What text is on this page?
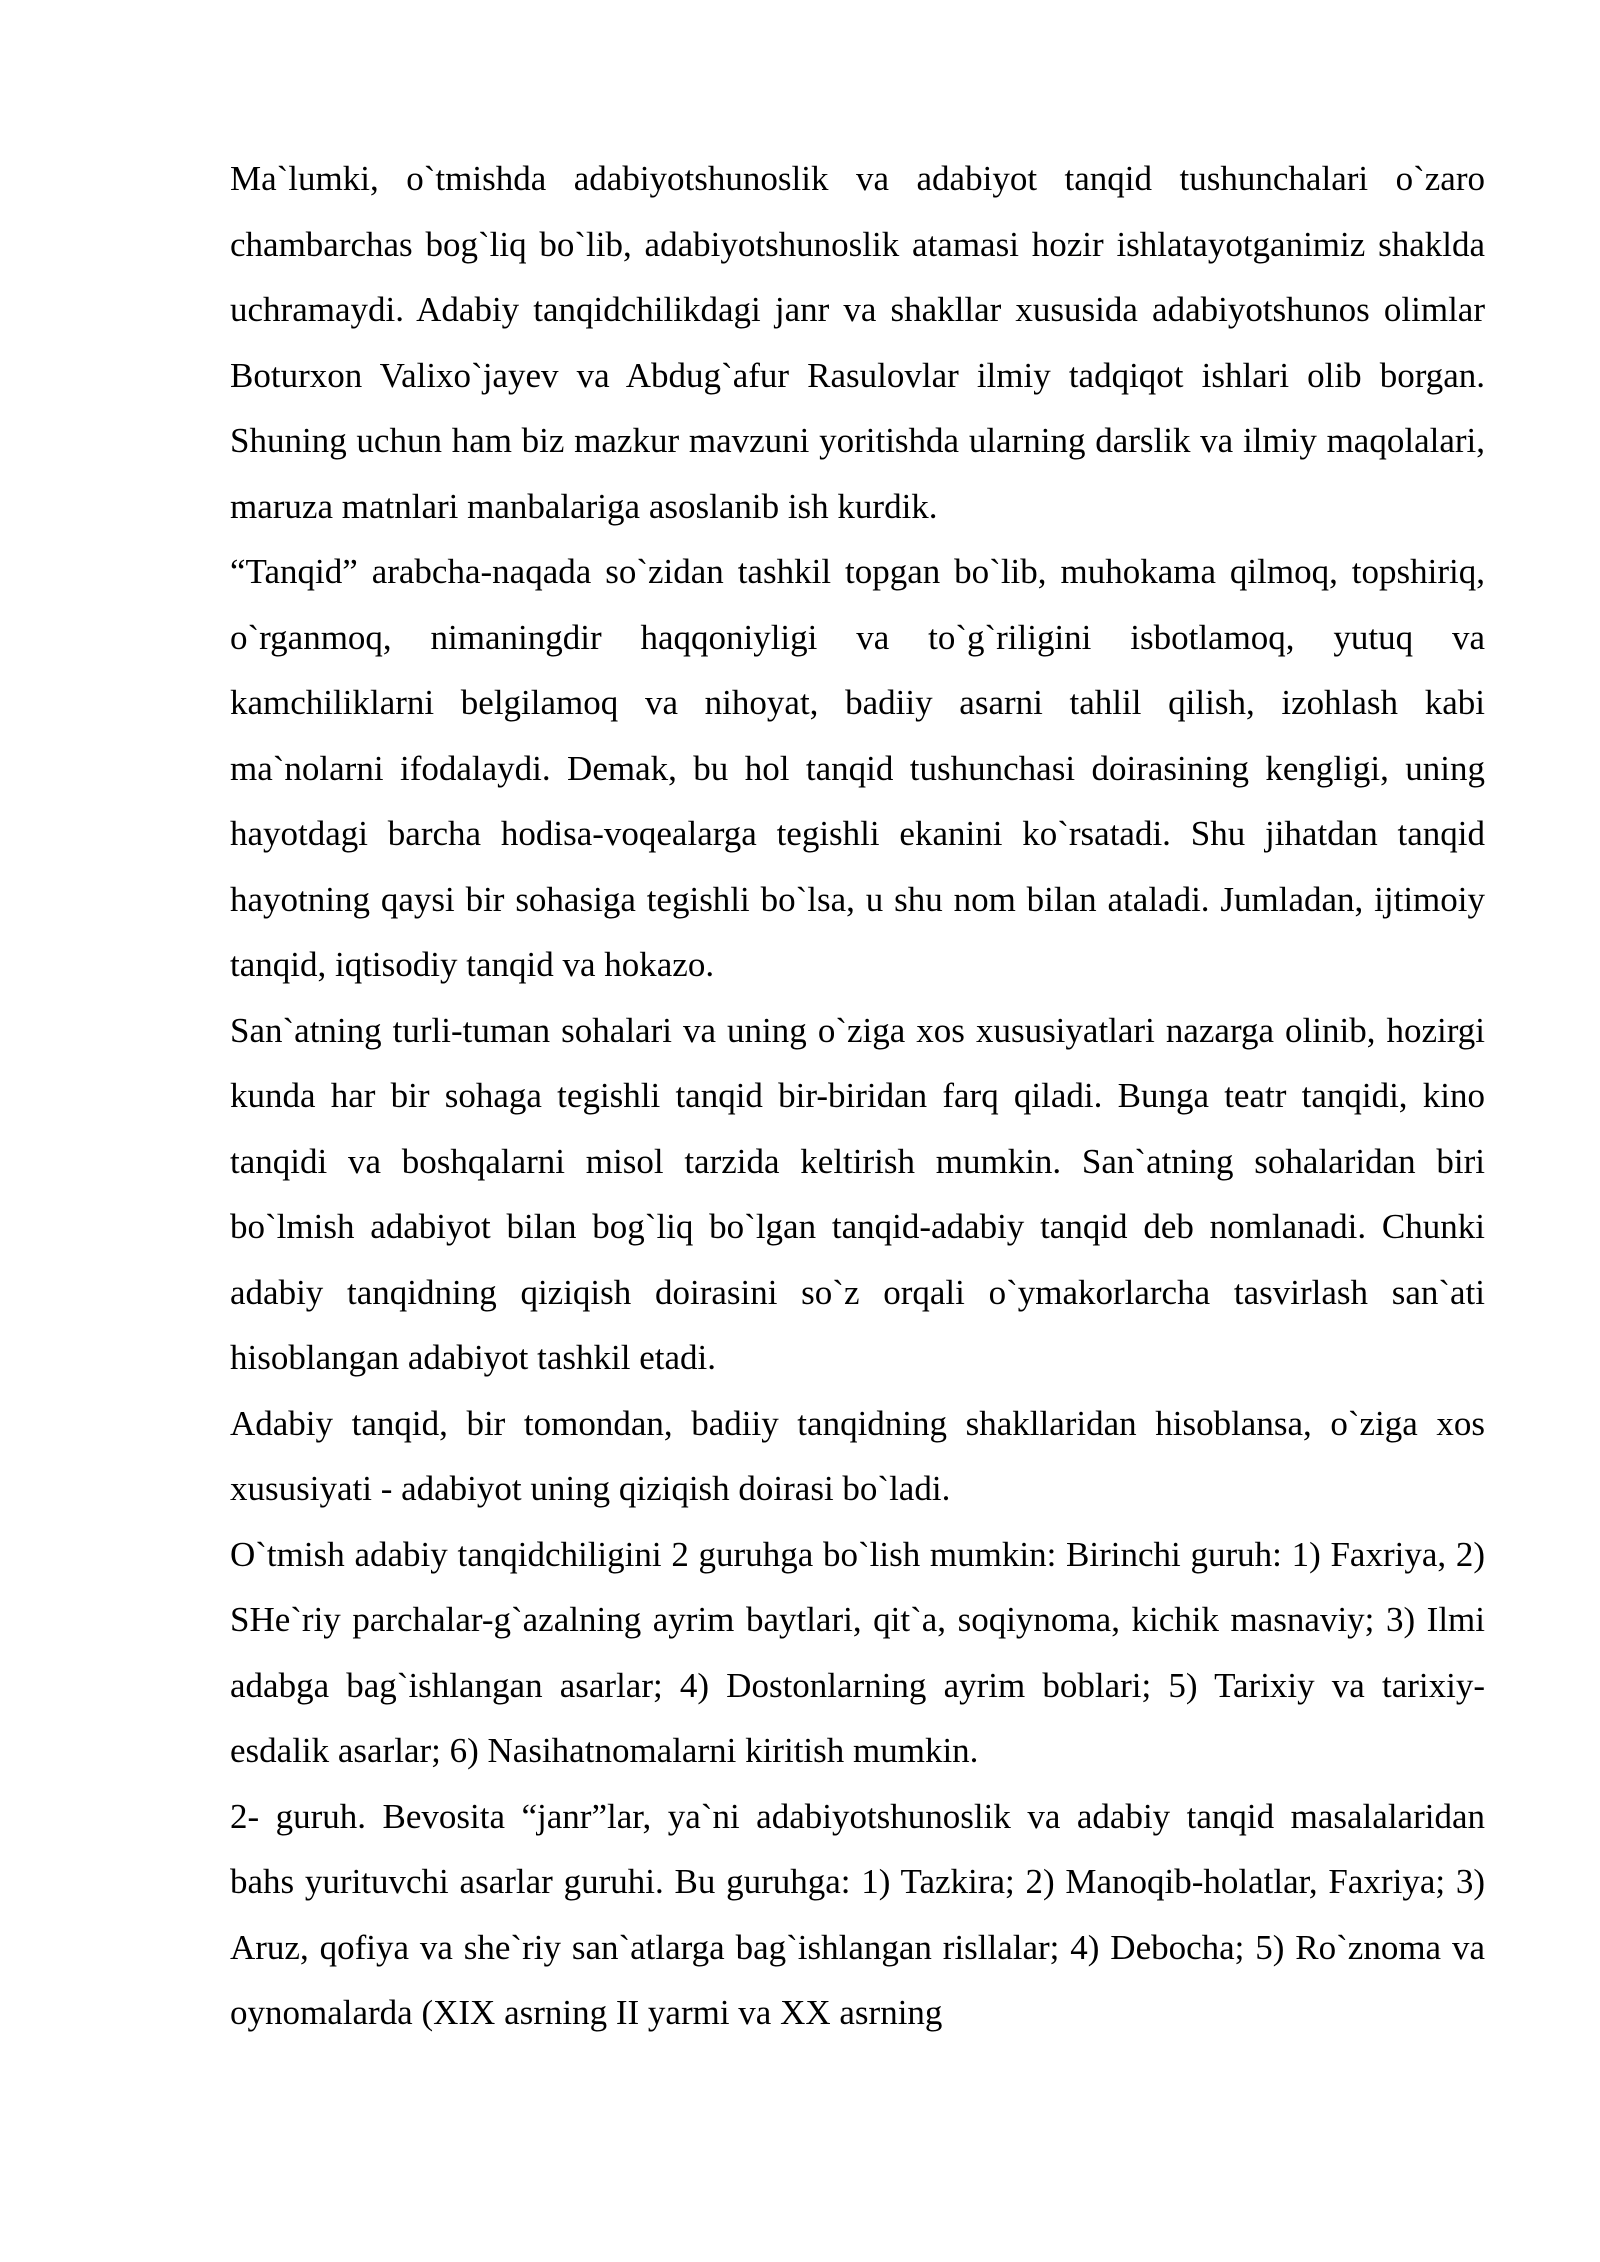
Ma`lumki, o`tmishda adabiyotshunoslik va adabiyot tanqid tushunchalari o`zaro chambarchas bog`liq bo`lib, adabiyotshunoslik atamasi hozir ishlatayotganimiz shaklda uchramaydi. Adabiy tanqidchilikdagi janr va shakllar xususida adabiyotshunos olimlar Boturxon Valixo`jayev va Abdug`afur Rasulovlar ilmiy tadqiqot ishlari olib borgan. Shuning uchun ham biz mazkur mavzuni yoritishda ularning darslik va ilmiy maqolalari, maruza matnlari manbalariga asoslanib ish kurdik.

“Tanqid” arabcha-naqada so`zidan tashkil topgan bo`lib, muhokama qilmoq, topshiriq, o`rganmoq, nimaningdir haqqoniyligi va to`g`riligini isbotlamoq, yutuq va kamchiliklarni belgilamoq va nihoyat, badiiy asarni tahlil qilish, izohlash kabi ma`nolarni ifodalaydi. Demak, bu hol tanqid tushunchasi doirasining kengligi, uning hayotdagi barcha hodisa-voqealarga tegishli ekanini ko`rsatadi. Shu jihatdan tanqid hayotning qaysi bir sohasiga tegishli bo`lsa, u shu nom bilan ataladi. Jumladan, ijtimoiy tanqid, iqtisodiy tanqid va hokazo.

San`atning turli-tuman sohalari va uning o`ziga xos xususiyatlari nazarga olinib, hozirgi kunda har bir sohaga tegishli tanqid bir-biridan farq qiladi. Bunga teatr tanqidi, kino tanqidi va boshqalarni misol tarzida keltirish mumkin. San`atning sohalaridan biri bo`lmish adabiyot bilan bog`liq bo`lgan tanqid-adabiy tanqid deb nomlanadi. Chunki adabiy tanqidning qiziqish doirasini so`z orqali o`ymakorlarcha tasvirlash san`ati hisoblangan adabiyot tashkil etadi.

Adabiy tanqid, bir tomondan, badiiy tanqidning shakllaridan hisoblansa, o`ziga xos xususiyati - adabiyot uning qiziqish doirasi bo`ladi.

O`tmish adabiy tanqidchiligini 2 guruhga bo`lish mumkin: Birinchi guruh: 1) Faxriya, 2) SHe`riy parchalar-g`azalning ayrim baytlari, qit`a, soqiynoma, kichik masnaviy; 3) Ilmi adabga bag`ishlangan asarlar; 4) Dostonlarning ayrim boblari; 5) Tarixiy va tarixiy-esdalik asarlar; 6) Nasihatnomalarni kiritish mumkin.

2- guruh. Bevosita “janr”lar, ya`ni adabiyotshunoslik va adabiy tanqid masalalaridan bahs yurituvchi asarlar guruhi. Bu guruhga: 1) Tazkira; 2) Manoqib-holatlar, Faxriya; 3) Aruz, qofiya va she`riy san`atlarga bag`ishlangan risllalar; 4) Debocha; 5) Ro`znoma va oynomalarda (XIX asrning II yarmi va XX asrning
